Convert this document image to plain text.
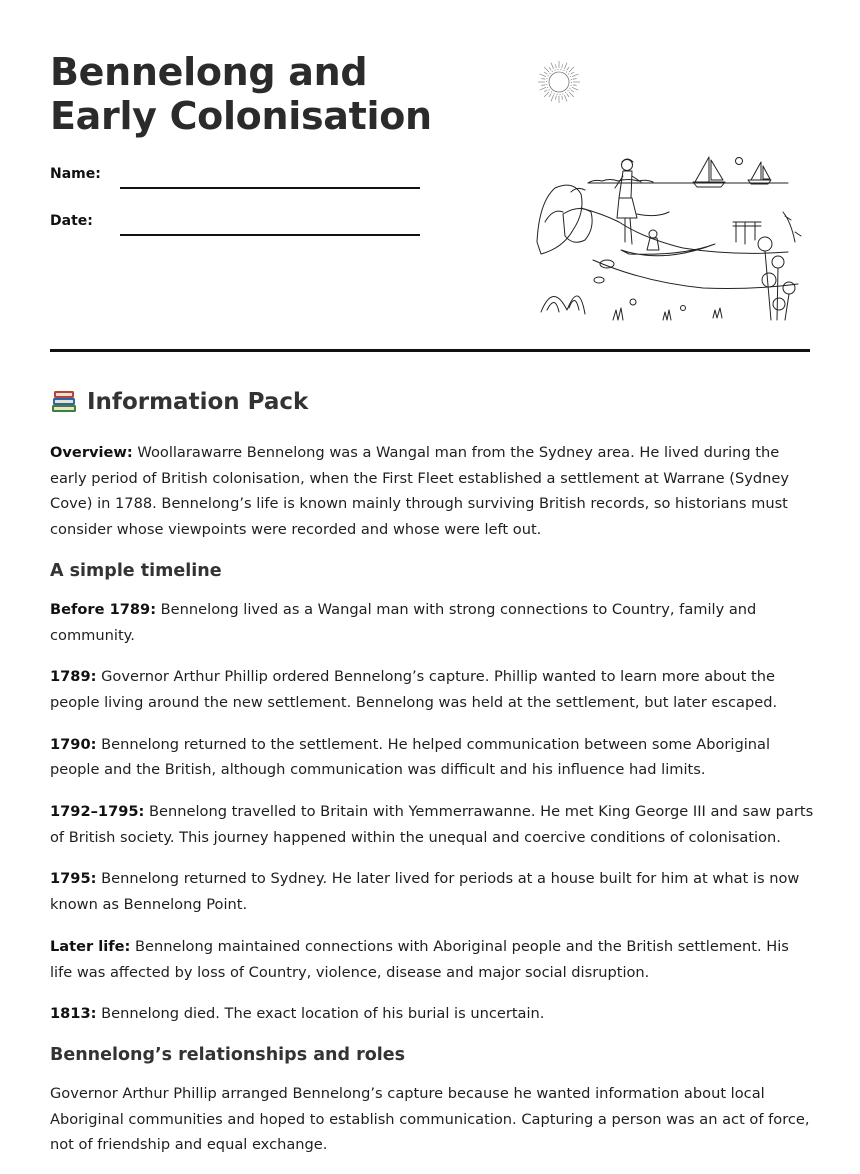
Bennelong and Early Colonisation
Name:
Date:
Information Pack

Overview: Woollarawarre Bennelong was a Wangal man from the Sydney area. He lived during the early period of British colonisation, when the First Fleet established a settlement at Warrane (Sydney Cove) in 1788. Bennelong’s life is known mainly through surviving British records, so historians must consider whose viewpoints were recorded and whose were left out.

A simple timeline

Before 1789: Bennelong lived as a Wangal man with strong connections to Country, family and community.

1789: Governor Arthur Phillip ordered Bennelong’s capture. Phillip wanted to learn more about the people living around the new settlement. Bennelong was held at the settlement, but later escaped.

1790: Bennelong returned to the settlement. He helped communication between some Aboriginal people and the British, although communication was difficult and his influence had limits.

1792–1795: Bennelong travelled to Britain with Yemmerrawanne. He met King George III and saw parts of British society. This journey happened within the unequal and coercive conditions of colonisation.

1795: Bennelong returned to Sydney. He later lived for periods at a house built for him at what is now known as Bennelong Point.

Later life: Bennelong maintained connections with Aboriginal people and the British settlement. His life was affected by loss of Country, violence, disease and major social disruption.

1813: Bennelong died. The exact location of his burial is uncertain.

Bennelong’s relationships and roles

Governor Arthur Phillip arranged Bennelong’s capture because he wanted information about local Aboriginal communities and hoped to establish communication. Capturing a person was an act of force, not of friendship and equal exchange.
